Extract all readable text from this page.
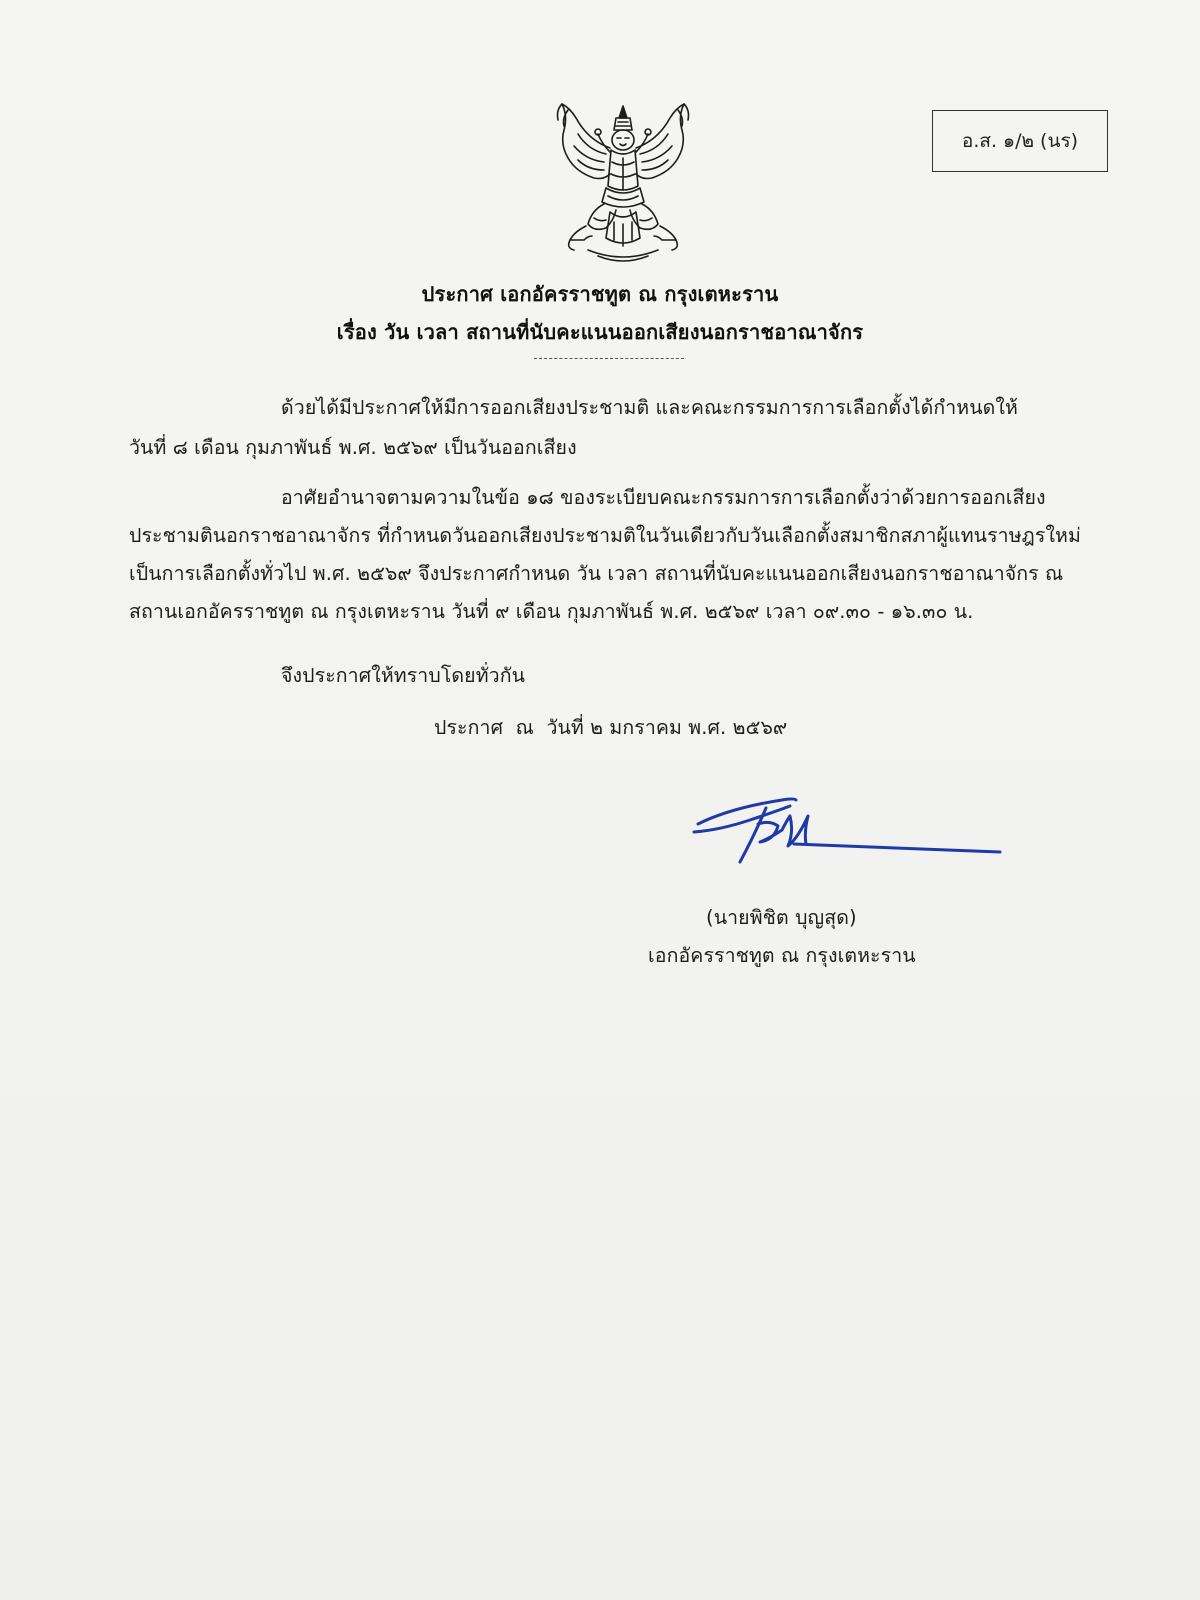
อ.ส. ๑/๒ (นร)
ประกาศ เอกอัครราชทูต ณ กรุงเตหะราน
เรื่อง วัน เวลา สถานที่นับคะแนนออกเสียงนอกราชอาณาจักร
ด้วยได้มีประกาศให้มีการออกเสียงประชามติ และคณะกรรมการการเลือกตั้งได้กำหนดให้
วันที่ ๘ เดือน กุมภาพันธ์ พ.ศ. ๒๕๖๙ เป็นวันออกเสียง
อาศัยอำนาจตามความในข้อ ๑๘ ของระเบียบคณะกรรมการการเลือกตั้งว่าด้วยการออกเสียง
ประชามตินอกราชอาณาจักร ที่กำหนดวันออกเสียงประชามติในวันเดียวกับวันเลือกตั้งสมาชิกสภาผู้แทนราษฎรใหม่
เป็นการเลือกตั้งทั่วไป พ.ศ. ๒๕๖๙ จึงประกาศกำหนด วัน เวลา สถานที่นับคะแนนออกเสียงนอกราชอาณาจักร ณ
สถานเอกอัครราชทูต ณ กรุงเตหะราน วันที่ ๙ เดือน กุมภาพันธ์ พ.ศ. ๒๕๖๙ เวลา ๐๙.๓๐ - ๑๖.๓๐ น.
จึงประกาศให้ทราบโดยทั่วกัน
ประกาศ  ณ  วันที่ ๒ มกราคม พ.ศ. ๒๕๖๙
(นายพิชิต บุญสุด)
เอกอัครราชทูต ณ กรุงเตหะราน
